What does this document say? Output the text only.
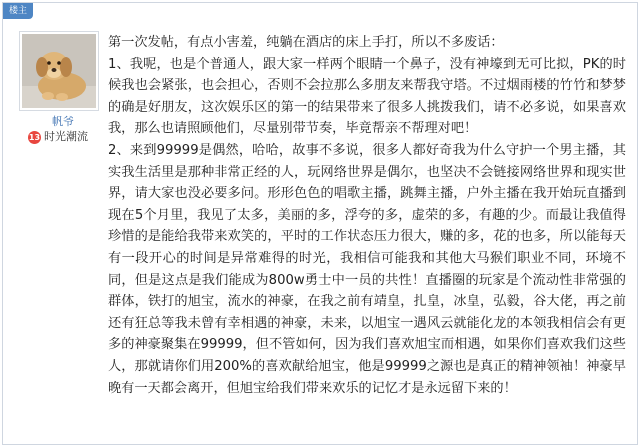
楼主
帆爷
13 时光潮流

第一次发帖，有点小害羞，纯躺在酒店的床上手打，所以不多废话：

1、我呢，也是个普通人，跟大家一样两个眼睛一个鼻子，没有神壕到无可比拟，PK的时候我也会紧张，也会担心，否则不会拉那么多朋友来帮我守塔。不过烟雨楼的竹竹和梦梦的确是好朋友，这次娱乐区的第一的结果带来了很多人挑拨我们，请不必多说，如果喜欢我，那么也请照顾他们，尽量别带节奏，毕竟帮亲不帮理对吧！

2、来到99999是偶然，哈哈，故事不多说，很多人都好奇我为什么守护一个男主播，其实我生活里是那种非常正经的人，玩网络世界是偶尔，也坚决不会链接网络世界和现实世界，请大家也没必要多问。形形色色的唱歌主播，跳舞主播，户外主播在我开始玩直播到现在5个月里，我见了太多，美丽的多，浮夸的多，虚荣的多，有趣的少。而最让我值得珍惜的是能给我带来欢笑的，平时的工作状态压力很大，赚的多，花的也多，所以能每天有一段开心的时间是异常难得的时光，我相信可能我和其他大马猴们职业不同，环境不同，但是这点是我们能成为800w勇士中一员的共性！直播圈的玩家是个流动性非常强的群体，铁打的旭宝，流水的神豪，在我之前有靖皇，扎皇，冰皇，弘毅，谷大佬，再之前还有狂总等我未曾有幸相遇的神豪，未来，以旭宝一遇风云就能化龙的本领我相信会有更多的神豪聚集在99999，但不管如何，因为我们喜欢旭宝而相遇，如果你们喜欢我们这些人，那就请你们用200%的喜欢献给旭宝，他是99999之源也是真正的精神领袖！神豪早晚有一天都会离开，但旭宝给我们带来欢乐的记忆才是永远留下来的！
